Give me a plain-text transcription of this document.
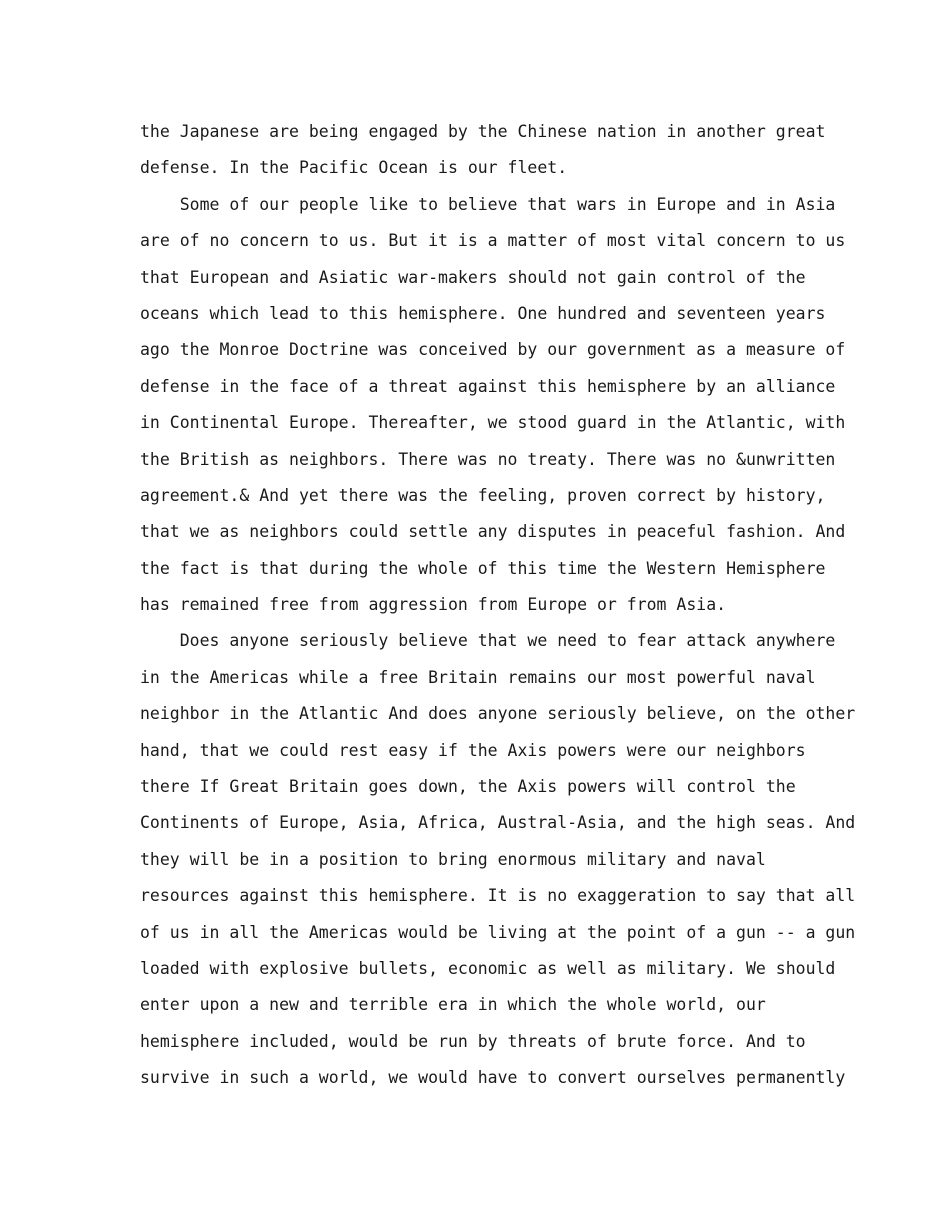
the Japanese are being engaged by the Chinese nation in another great
defense. In the Pacific Ocean is our fleet.
Some of our people like to believe that wars in Europe and in Asia
are of no concern to us. But it is a matter of most vital concern to us
that European and Asiatic war-makers should not gain control of the
oceans which lead to this hemisphere. One hundred and seventeen years
ago the Monroe Doctrine was conceived by our government as a measure of
defense in the face of a threat against this hemisphere by an alliance
in Continental Europe. Thereafter, we stood guard in the Atlantic, with
the British as neighbors. There was no treaty. There was no &unwritten
agreement.& And yet there was the feeling, proven correct by history,
that we as neighbors could settle any disputes in peaceful fashion. And
the fact is that during the whole of this time the Western Hemisphere
has remained free from aggression from Europe or from Asia.
Does anyone seriously believe that we need to fear attack anywhere
in the Americas while a free Britain remains our most powerful naval
neighbor in the Atlantic And does anyone seriously believe, on the other
hand, that we could rest easy if the Axis powers were our neighbors
there If Great Britain goes down, the Axis powers will control the
Continents of Europe, Asia, Africa, Austral-Asia, and the high seas. And
they will be in a position to bring enormous military and naval
resources against this hemisphere. It is no exaggeration to say that all
of us in all the Americas would be living at the point of a gun -- a gun
loaded with explosive bullets, economic as well as military. We should
enter upon a new and terrible era in which the whole world, our
hemisphere included, would be run by threats of brute force. And to
survive in such a world, we would have to convert ourselves permanently
